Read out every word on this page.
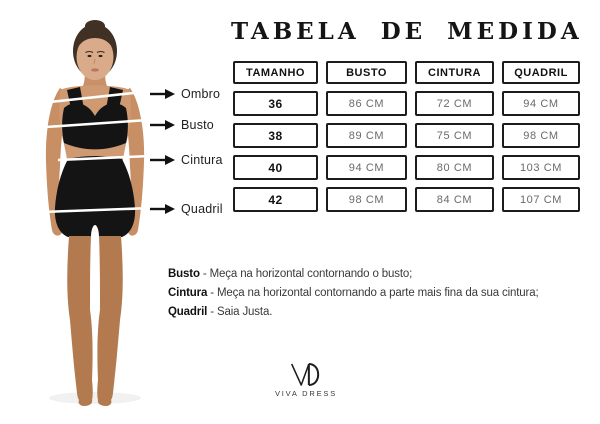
Ombro
Busto
Cintura
Quadril
TABELA DE MEDIDA
TAMANHO	BUSTO	CINTURA	QUADRIL
36	86 CM	72 CM	94 CM
38	89 CM	75 CM	98 CM
40	94 CM	80 CM	103 CM
42	98 CM	84 CM	107 CM
Busto - Meça na horizontal contornando o busto;
Cintura - Meça na horizontal contornando a parte mais fina da sua cintura;
Quadril - Saia Justa.
VIVA DRESS
